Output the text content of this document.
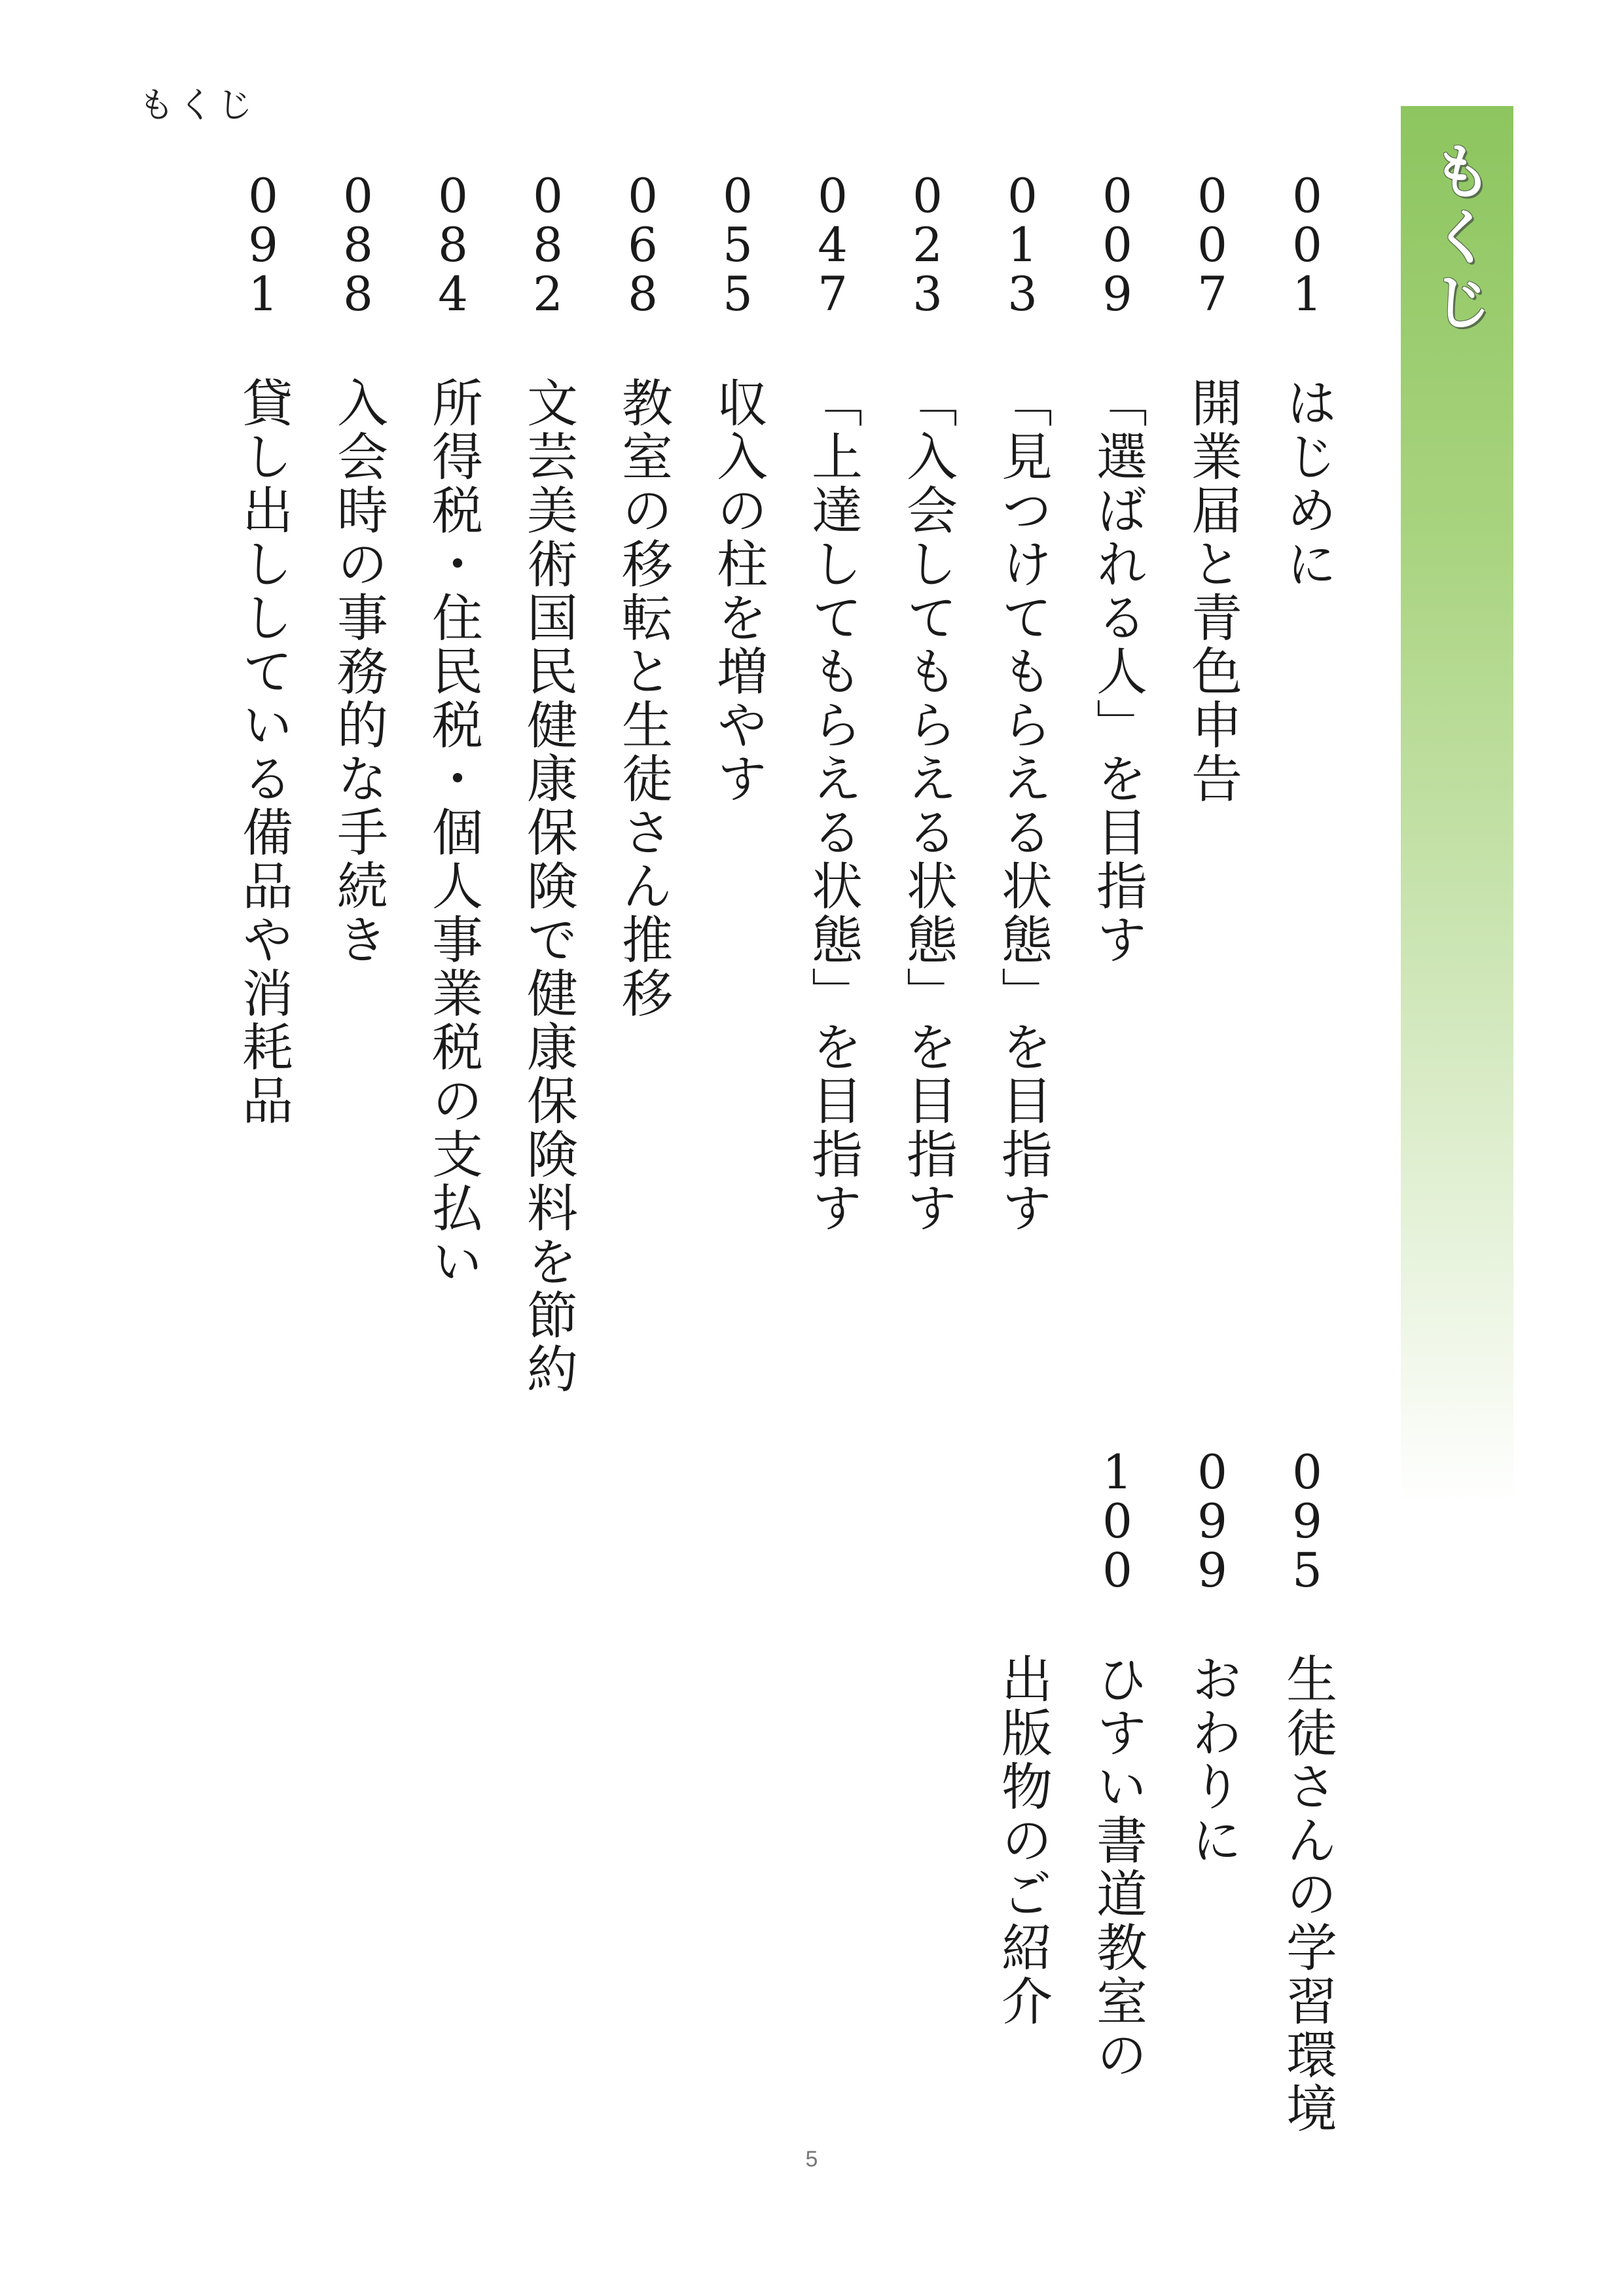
もくじ
もくじ
0
0
1
はじめに
0
0
7
開業届と青色申告
0
0
9
「選ばれる人」を目指す
0
1
3
「見つけてもらえる状態」を目指す
0
2
3
「入会してもらえる状態」を目指す
0
4
7
「上達してもらえる状態」を目指す
0
5
5
収入の柱を増やす
0
6
8
教室の移転と生徒さん推移
0
8
2
文芸美術国民健康保険で健康保険料を節約
0
8
4
所得税・住民税・個人事業税の支払い
0
8
8
入会時の事務的な手続き
0
9
1
貸し出ししている備品や消耗品
0
9
5
生徒さんの学習環境
0
9
9
おわりに
1
0
0
ひすい書道教室の
出版物のご紹介
5
